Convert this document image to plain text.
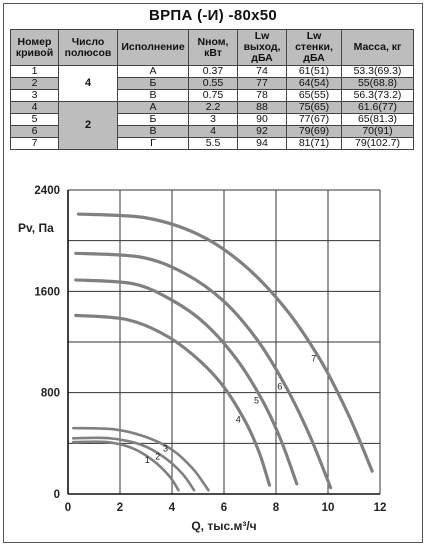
ВРПА (-И) -80х50
Номер кривой	Число полюсов	Исполнение	Nном, кВт	Lw выход, дБА	Lw стенки, дБА	Масса, кг
1	4	А	0.37	74	61(51)	53.3(69.3)
2		Б	0.55	77	64(54)	55(68.8)
3		В	0.75	78	65(55)	56.3(73.2)
4	2	А	2.2	88	75(65)	61.6(77)
5		Б	3	90	77(67)	65(81.3)
6		В	4	92	79(69)	70(91)
7		Г	5.5	94	81(71)	79(102.7)
0	2	4	6	8	10	12
0
800
1600
2400
Pv, Па
Q, тыс.м³/ч
1 2
3
4
5
6
7
